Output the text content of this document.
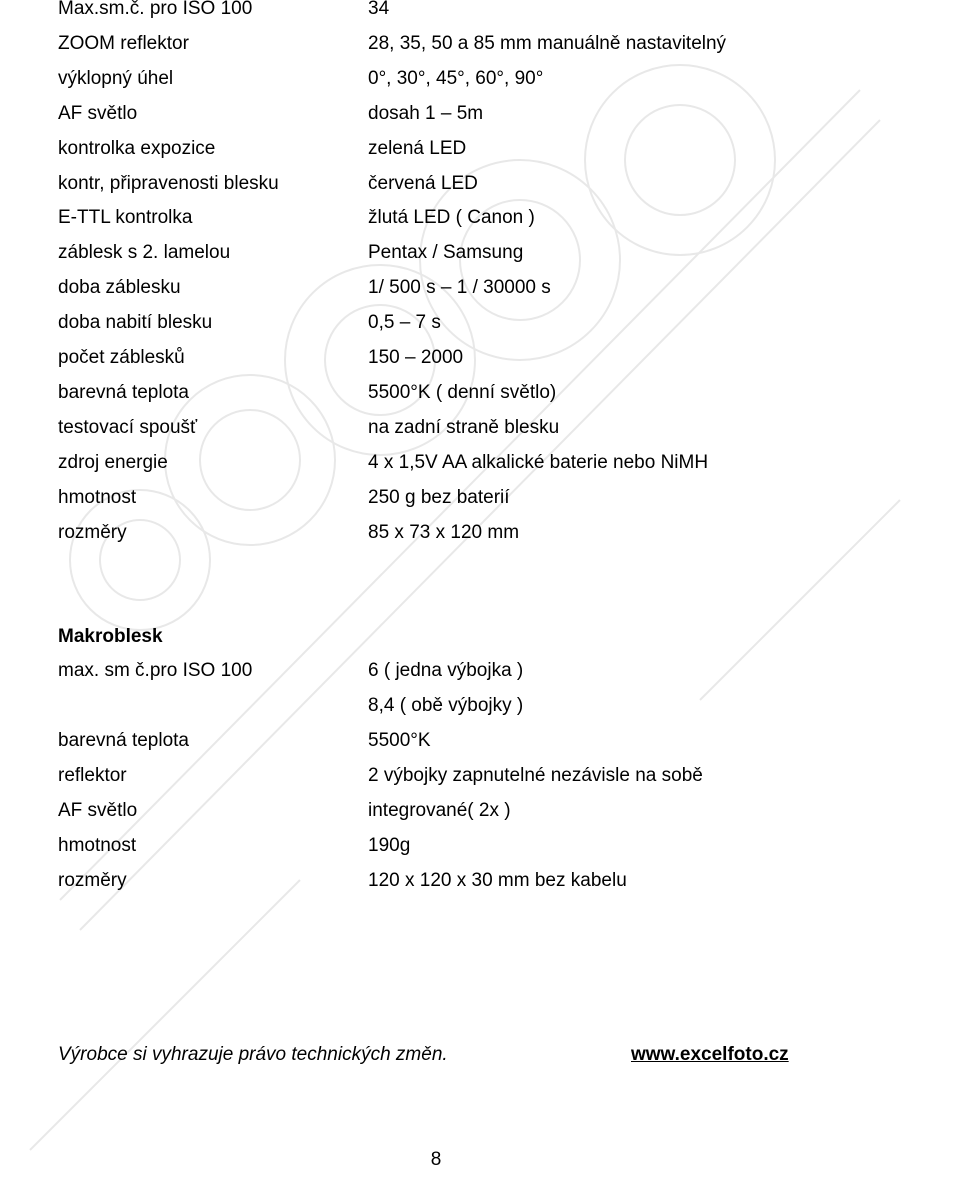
Max.sm.č. pro ISO 100	34
ZOOM reflektor	28, 35, 50 a 85 mm manuálně nastavitelný
výklopný úhel	0°, 30°, 45°, 60°, 90°
AF světlo	dosah 1 – 5m
kontrolka expozice	zelená LED
kontr, připravenosti blesku	červená LED
E-TTL kontrolka	žlutá LED ( Canon )
záblesk s 2. lamelou	Pentax / Samsung
doba záblesku	1/ 500 s – 1 / 30000 s
doba nabití blesku	0,5 – 7 s
počet záblesků	150 – 2000
barevná teplota	5500°K ( denní světlo)
testovací spoušť	na zadní straně blesku
zdroj energie	4 x 1,5V AA alkalické baterie nebo NiMH
hmotnost	250 g bez baterií
rozměry	85 x 73 x 120 mm
Makroblesk
max. sm č.pro ISO 100	6 ( jedna výbojka )
8,4 ( obě výbojky )
barevná teplota	5500°K
reflektor	2 výbojky zapnutelné nezávisle na sobě
AF světlo	integrované( 2x )
hmotnost	190g
rozměry	120 x 120 x 30 mm bez kabelu
Výrobce si vyhrazuje právo technických změn.	www.excelfoto.cz
8
